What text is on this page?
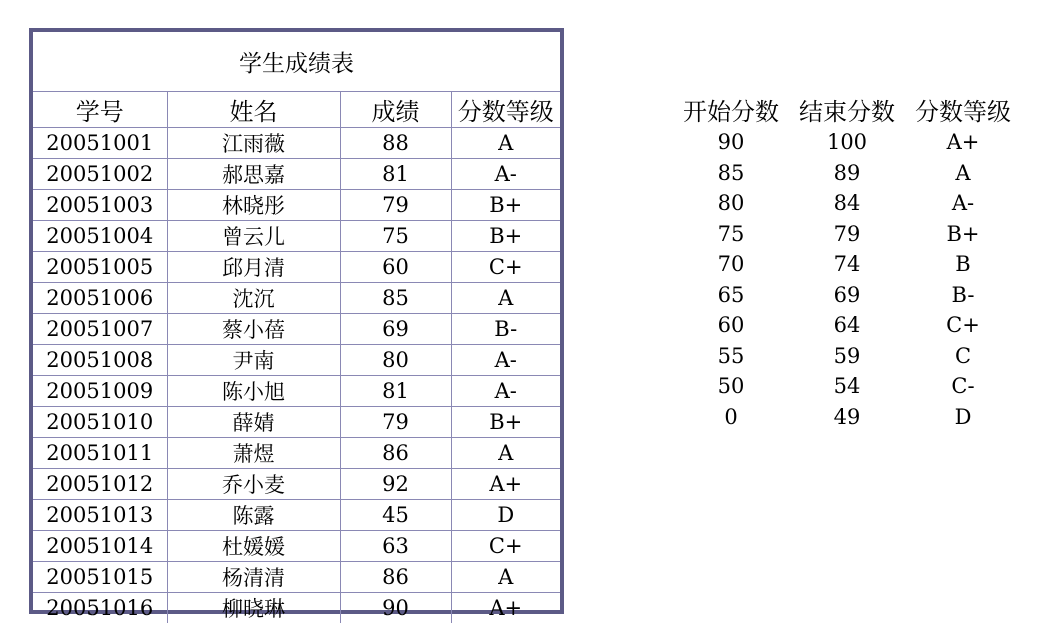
学生成绩表			
学号	姓名	成绩	分数等级
20051001	江雨薇	88	A
20051002	郝思嘉	81	A-
20051003	林晓彤	79	B+
20051004	曾云儿	75	B+
20051005	邱月清	60	C+
20051006	沈沉	85	A
20051007	蔡小蓓	69	B-
20051008	尹南	80	A-
20051009	陈小旭	81	A-
20051010	薛婧	79	B+
20051011	萧煜	86	A
20051012	乔小麦	92	A+
20051013	陈露	45	D
20051014	杜媛媛	63	C+
20051015	杨清清	86	A
20051016	柳晓琳	90	A+
开始分数	结束分数	分数等级
90	100	A+
85	89	A
80	84	A-
75	79	B+
70	74	B
65	69	B-
60	64	C+
55	59	C
50	54	C-
0	49	D
